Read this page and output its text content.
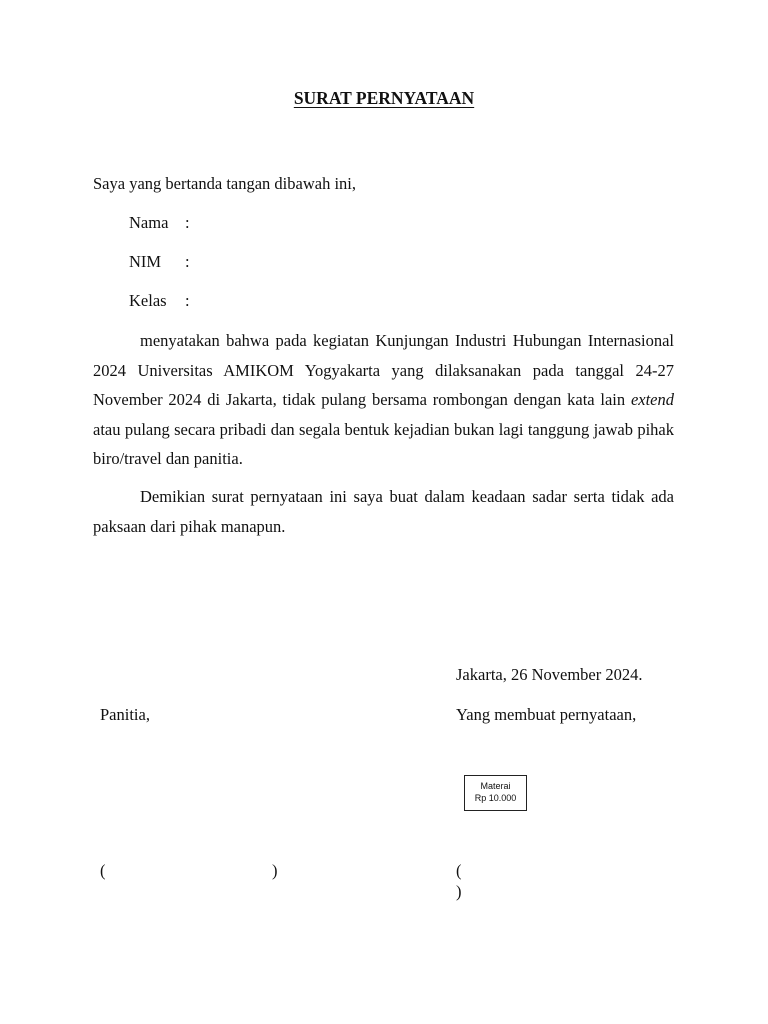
SURAT PERNYATAAN
Saya yang bertanda tangan dibawah ini,
Nama :
NIM :
Kelas :
menyatakan bahwa pada kegiatan Kunjungan Industri Hubungan Internasional 2024 Universitas AMIKOM Yogyakarta yang dilaksanakan pada tanggal 24-27 November 2024 di Jakarta, tidak pulang bersama rombongan dengan kata lain extend atau pulang secara pribadi dan segala bentuk kejadian bukan lagi tanggung jawab pihak biro/travel dan panitia.
Demikian surat pernyataan ini saya buat dalam keadaan sadar serta tidak ada paksaan dari pihak manapun.
Jakarta, 26 November 2024.
Panitia,	Yang membuat pernyataan,
Materai
Rp 10.000
(	)	(
)
